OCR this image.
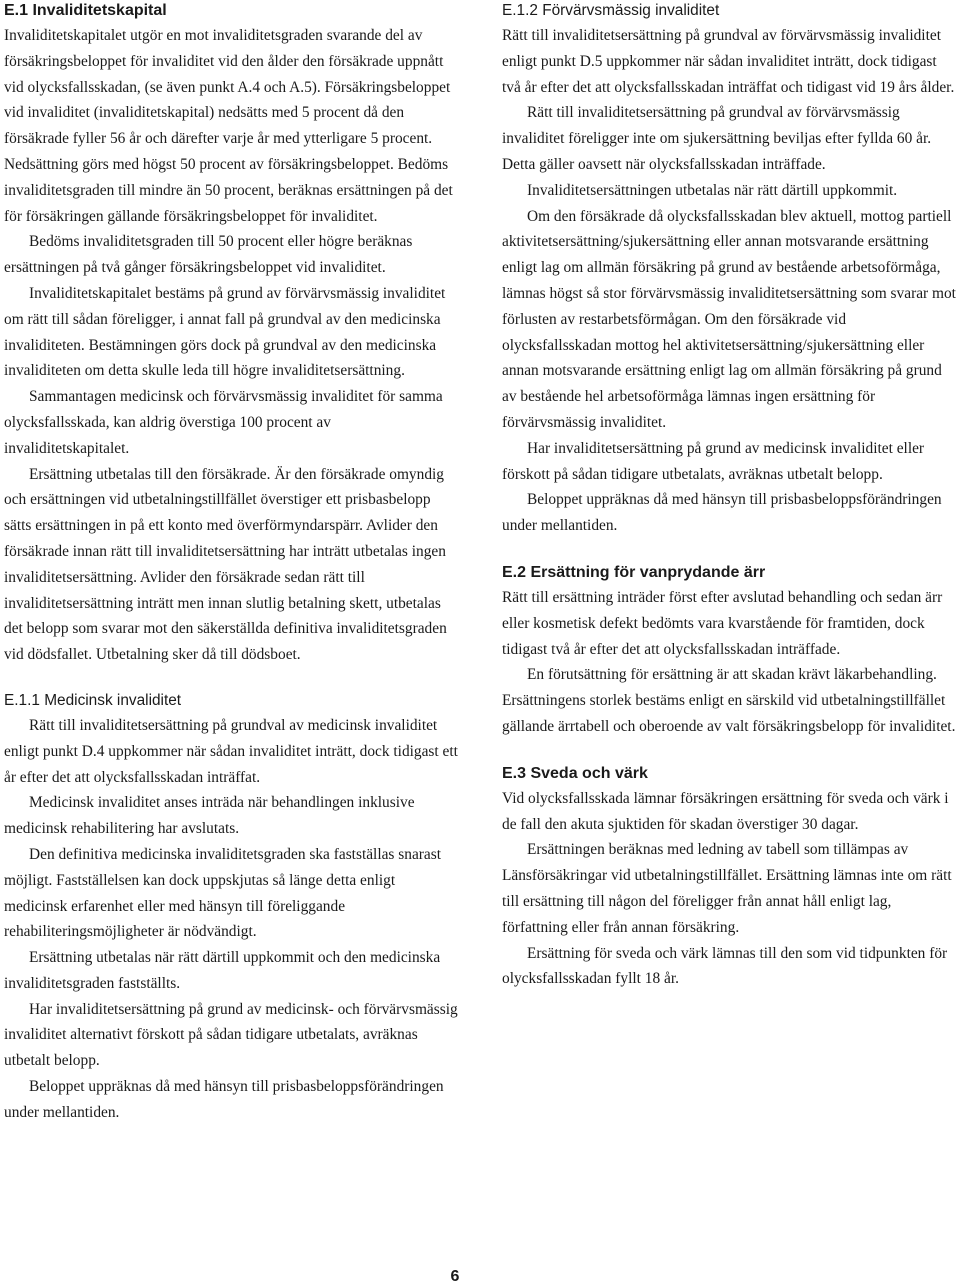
E.1 Invaliditetskapital

Invaliditetskapitalet utgör en mot invaliditetsgraden svarande del av försäkringsbeloppet för invaliditet vid den ålder den försäkrade uppnått vid olycksfallsskadan, (se även punkt A.4 och A.5). Försäkringsbeloppet vid invaliditet (invaliditetskapital) nedsätts med 5 procent då den försäkrade fyller 56 år och därefter varje år med ytterligare 5 procent. Nedsättning görs med högst 50 procent av försäkringsbeloppet. Bedöms invaliditetsgraden till mindre än 50 procent, beräknas ersättningen på det för försäkringen gällande försäkringsbeloppet för invaliditet.

Bedöms invaliditetsgraden till 50 procent eller högre beräknas ersättningen på två gånger försäkringsbeloppet vid invaliditet.

Invaliditetskapitalet bestäms på grund av förvärvsmässig invaliditet om rätt till sådan föreligger, i annat fall på grundval av den medicinska invaliditeten. Bestämningen görs dock på grundval av den medicinska invaliditeten om detta skulle leda till högre invaliditetsersättning.

Sammantagen medicinsk och förvärvsmässig invaliditet för samma olycksfallsskada, kan aldrig överstiga 100 procent av invaliditetskapitalet.

Ersättning utbetalas till den försäkrade. Är den försäkrade omyndig och ersättningen vid utbetalningstillfället överstiger ett prisbasbelopp sätts ersättningen in på ett konto med överförmyndarspärr. Avlider den försäkrade innan rätt till invaliditetsersättning har inträtt utbetalas ingen invaliditetsersättning. Avlider den försäkrade sedan rätt till invaliditetsersättning inträtt men innan slutlig betalning skett, utbetalas det belopp som svarar mot den säkerställda definitiva invaliditetsgraden vid dödsfallet. Utbetalning sker då till dödsboet.

E.1.1 Medicinsk invaliditet

Rätt till invaliditetsersättning på grundval av medicinsk invaliditet enligt punkt D.4 uppkommer när sådan invaliditet inträtt, dock tidigast ett år efter det att olycksfallsskadan inträffat.

Medicinsk invaliditet anses inträda när behandlingen inklusive medicinsk rehabilitering har avslutats.

Den definitiva medicinska invaliditetsgraden ska fastställas snarast möjligt. Fastställelsen kan dock uppskjutas så länge detta enligt medicinsk erfarenhet eller med hänsyn till föreliggande rehabiliteringsmöjligheter är nödvändigt.

Ersättning utbetalas när rätt därtill uppkommit och den medicinska invaliditetsgraden fastställts.

Har invaliditetsersättning på grund av medicinsk- och förvärvsmässig invaliditet alternativt förskott på sådan tidigare utbetalats, avräknas utbetalt belopp.

Beloppet uppräknas då med hänsyn till prisbasbeloppsförändringen under mellantiden.

E.1.2 Förvärvsmässig invaliditet

Rätt till invaliditetsersättning på grundval av förvärvsmässig invaliditet enligt punkt D.5 uppkommer när sådan invaliditet inträtt, dock tidigast två år efter det att olycksfallsskadan inträffat och tidigast vid 19 års ålder.

Rätt till invaliditetsersättning på grundval av förvärvsmässig invaliditet föreligger inte om sjukersättning beviljas efter fyllda 60 år. Detta gäller oavsett när olycksfallsskadan inträffade.

Invaliditetsersättningen utbetalas när rätt därtill uppkommit.

Om den försäkrade då olycksfallsskadan blev aktuell, mottog partiell aktivitetsersättning/sjukersättning eller annan motsvarande ersättning enligt lag om allmän försäkring på grund av bestående arbetsoförmåga, lämnas högst så stor förvärvsmässig invaliditetsersättning som svarar mot förlusten av restarbetsförmågan. Om den försäkrade vid olycksfallsskadan mottog hel aktivitetsersättning/sjukersättning eller annan motsvarande ersättning enligt lag om allmän försäkring på grund av bestående hel arbetsoförmåga lämnas ingen ersättning för förvärvsmässig invaliditet.

Har invaliditetsersättning på grund av medicinsk invaliditet eller förskott på sådan tidigare utbetalats, avräknas utbetalt belopp.

Beloppet uppräknas då med hänsyn till prisbasbeloppsförändringen under mellantiden.

E.2 Ersättning för vanprydande ärr

Rätt till ersättning inträder först efter avslutad behandling och sedan ärr eller kosmetisk defekt bedömts vara kvarstående för framtiden, dock tidigast två år efter det att olycksfallsskadan inträffade.

En förutsättning för ersättning är att skadan krävt läkarbehandling. Ersättningens storlek bestäms enligt en särskild vid utbetalningstillfället gällande ärrtabell och oberoende av valt försäkringsbelopp för invaliditet.

E.3 Sveda och värk

Vid olycksfallsskada lämnar försäkringen ersättning för sveda och värk i de fall den akuta sjuktiden för skadan överstiger 30 dagar.

Ersättningen beräknas med ledning av tabell som tillämpas av Länsförsäkringar vid utbetalningstillfället. Ersättning lämnas inte om rätt till ersättning till någon del föreligger från annat håll enligt lag, författning eller från annan försäkring.

Ersättning för sveda och värk lämnas till den som vid tidpunkten för olycksfallsskadan fyllt 18 år.

6
